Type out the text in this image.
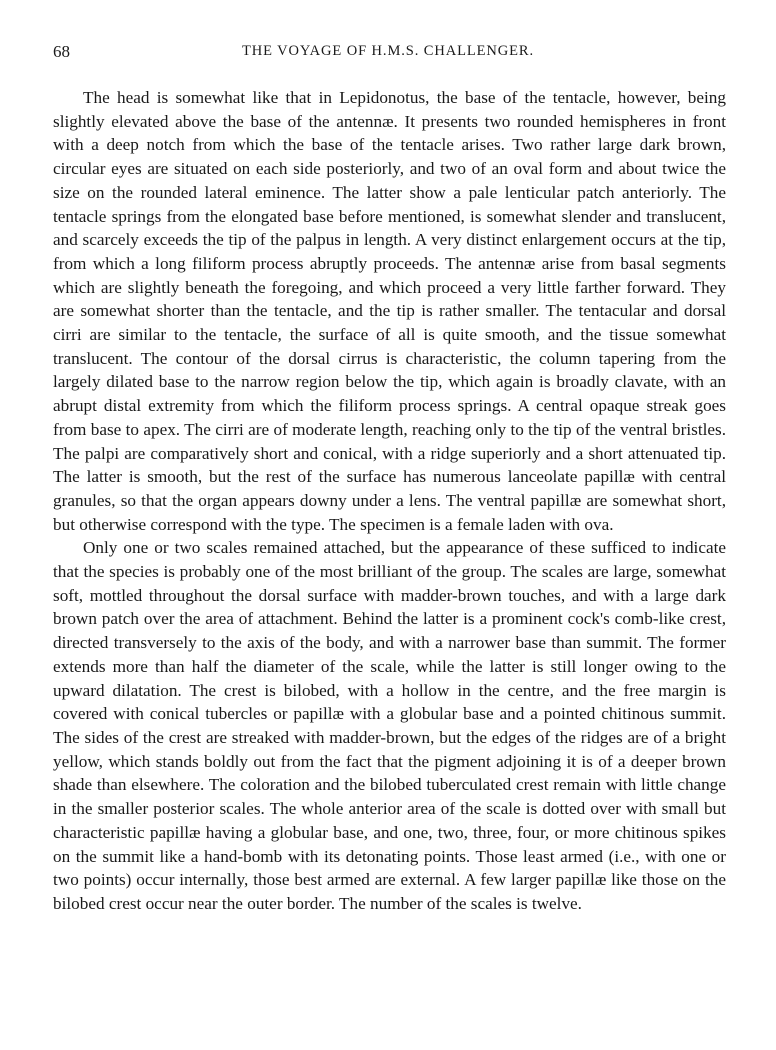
68	THE VOYAGE OF H.M.S. CHALLENGER.

The head is somewhat like that in Lepidonotus, the base of the tentacle, however, being slightly elevated above the base of the antennæ. It presents two rounded hemispheres in front with a deep notch from which the base of the tentacle arises. Two rather large dark brown, circular eyes are situated on each side posteriorly, and two of an oval form and about twice the size on the rounded lateral eminence. The latter show a pale lenticular patch anteriorly. The tentacle springs from the elongated base before mentioned, is somewhat slender and translucent, and scarcely exceeds the tip of the palpus in length. A very distinct enlargement occurs at the tip, from which a long filiform process abruptly proceeds. The antennæ arise from basal segments which are slightly beneath the foregoing, and which proceed a very little farther forward. They are somewhat shorter than the tentacle, and the tip is rather smaller. The tentacular and dorsal cirri are similar to the tentacle, the surface of all is quite smooth, and the tissue somewhat translucent. The contour of the dorsal cirrus is characteristic, the column tapering from the largely dilated base to the narrow region below the tip, which again is broadly clavate, with an abrupt distal extremity from which the filiform process springs. A central opaque streak goes from base to apex. The cirri are of moderate length, reaching only to the tip of the ventral bristles. The palpi are comparatively short and conical, with a ridge superiorly and a short attenuated tip. The latter is smooth, but the rest of the surface has numerous lanceolate papillæ with central granules, so that the organ appears downy under a lens. The ventral papillæ are somewhat short, but otherwise correspond with the type. The specimen is a female laden with ova.

Only one or two scales remained attached, but the appearance of these sufficed to indicate that the species is probably one of the most brilliant of the group. The scales are large, somewhat soft, mottled throughout the dorsal surface with madder-brown touches, and with a large dark brown patch over the area of attachment. Behind the latter is a prominent cock's comb-like crest, directed transversely to the axis of the body, and with a narrower base than summit. The former extends more than half the diameter of the scale, while the latter is still longer owing to the upward dilatation. The crest is bilobed, with a hollow in the centre, and the free margin is covered with conical tubercles or papillæ with a globular base and a pointed chitinous summit. The sides of the crest are streaked with madder-brown, but the edges of the ridges are of a bright yellow, which stands boldly out from the fact that the pigment adjoining it is of a deeper brown shade than elsewhere. The coloration and the bilobed tuberculated crest remain with little change in the smaller posterior scales. The whole anterior area of the scale is dotted over with small but characteristic papillæ having a globular base, and one, two, three, four, or more chitinous spikes on the summit like a hand-bomb with its detonating points. Those least armed (i.e., with one or two points) occur internally, those best armed are external. A few larger papillæ like those on the bilobed crest occur near the outer border. The number of the scales is twelve.
